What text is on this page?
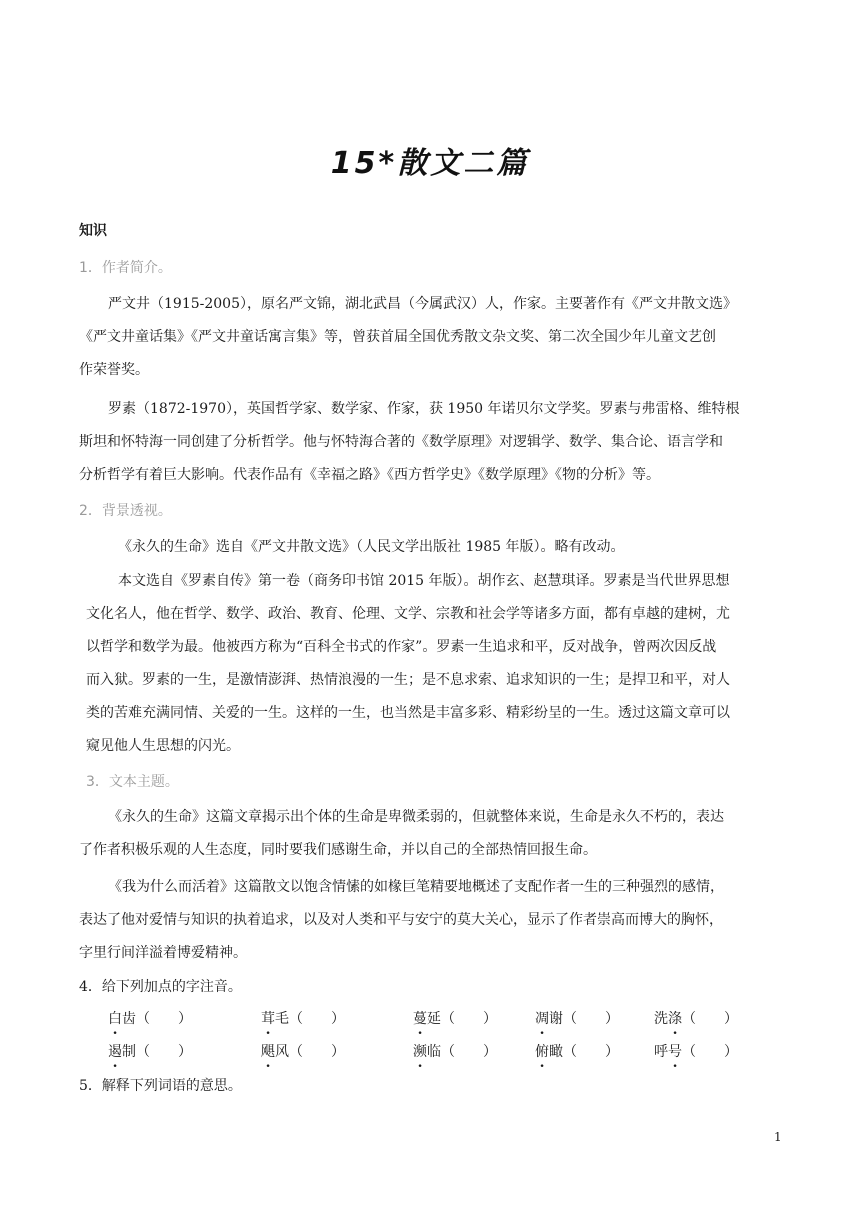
15*散文二篇
知识
1．作者简介。
严文井（1915-2005），原名严文锦，湖北武昌（今属武汉）人，作家。主要著作有《严文井散文选》
《严文井童话集》《严文井童话寓言集》等，曾获首届全国优秀散文杂文奖、第二次全国少年儿童文艺创
作荣誉奖。
罗素（1872-1970），英国哲学家、数学家、作家，获 1950 年诺贝尔文学奖。罗素与弗雷格、维特根
斯坦和怀特海一同创建了分析哲学。他与怀特海合著的《数学原理》对逻辑学、数学、集合论、语言学和
分析哲学有着巨大影响。代表作品有《幸福之路》《西方哲学史》《数学原理》《物的分析》等。
2．背景透视。
《永久的生命》选自《严文井散文选》（人民文学出版社 1985 年版）。略有改动。
本文选自《罗素自传》第一卷（商务印书馆 2015 年版）。胡作玄、赵慧琪译。罗素是当代世界思想
文化名人，他在哲学、数学、政治、教育、伦理、文学、宗教和社会学等诸多方面，都有卓越的建树，尤
以哲学和数学为最。他被西方称为“百科全书式的作家”。罗素一生追求和平，反对战争，曾两次因反战
而入狱。罗素的一生，是激情澎湃、热情浪漫的一生；是不息求索、追求知识的一生；是捍卫和平，对人
类的苦难充满同情、关爱的一生。这样的一生，也当然是丰富多彩、精彩纷呈的一生。透过这篇文章可以
窥见他人生思想的闪光。
3．文本主题。
《永久的生命》这篇文章揭示出个体的生命是卑微柔弱的，但就整体来说，生命是永久不朽的，表达
了作者积极乐观的人生态度，同时要我们感谢生命，并以自己的全部热情回报生命。
《我为什么而活着》这篇散文以饱含情愫的如椽巨笔精要地概述了支配作者一生的三种强烈的感情，
表达了他对爱情与知识的执着追求，以及对人类和平与安宁的莫大关心，显示了作者崇高而博大的胸怀，
字里行间洋溢着博爱精神。
4．给下列加点的字注音。
白齿（　　）	茸毛（　　）	蔓延（　　）	凋谢（　　）	洗涤（　　）
遏制（　　）	飓风（　　）	濒临（　　）	俯瞰（　　）	呼号（　　）
5．解释下列词语的意思。
1
